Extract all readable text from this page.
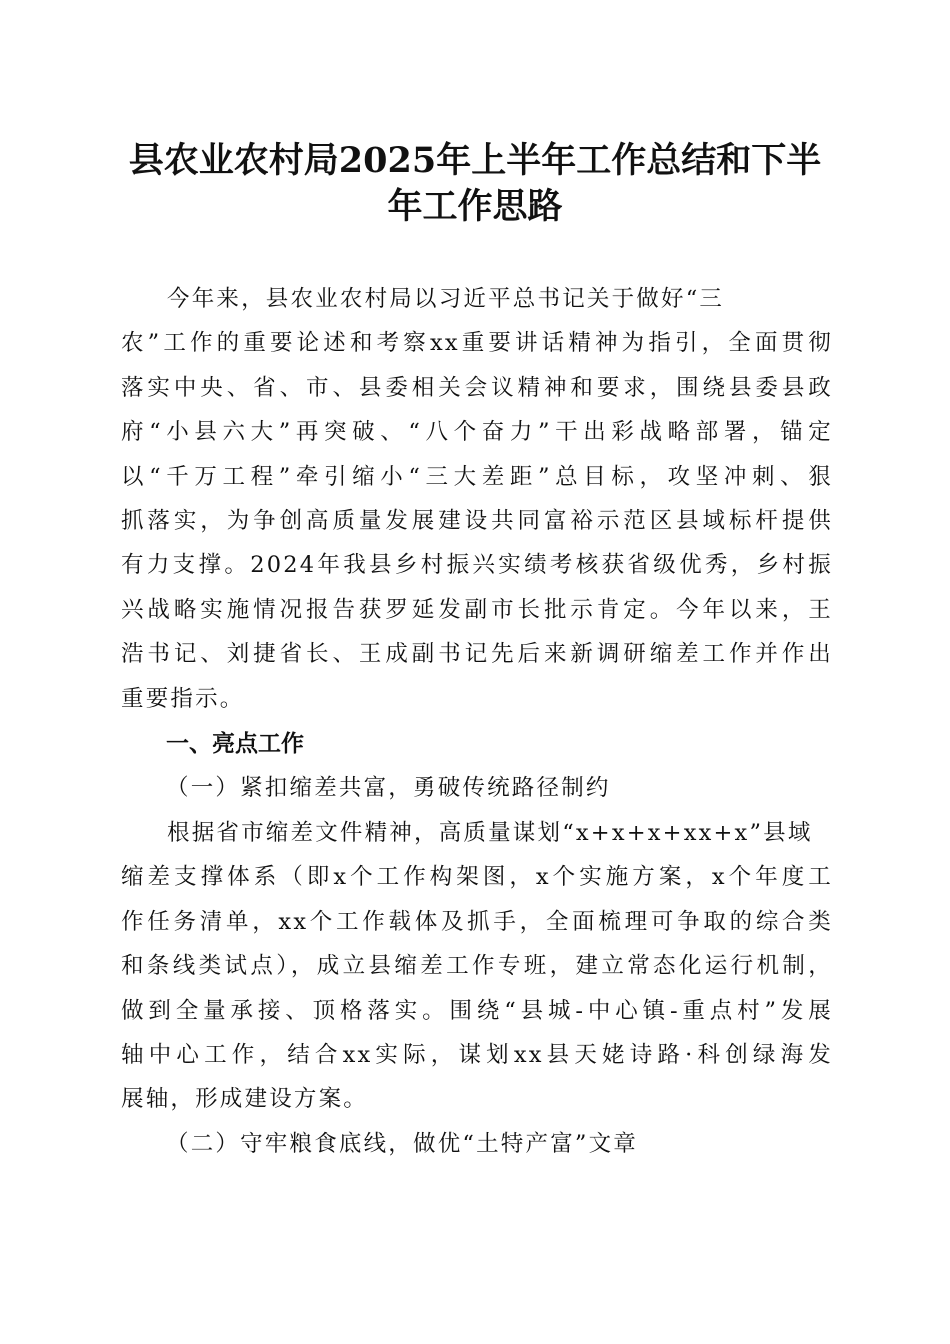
县农业农村局2025年上半年工作总结和下半
年工作思路
今年来，县农业农村局以习近平总书记关于做好“三
农”工作的重要论述和考察xx重要讲话精神为指引，全面贯彻
落实中央、省、市、县委相关会议精神和要求，围绕县委县政
府“小县六大”再突破、“八个奋力”干出彩战略部署，锚定
以“千万工程”牵引缩小“三大差距”总目标，攻坚冲刺、狠
抓落实，为争创高质量发展建设共同富裕示范区县域标杆提供
有力支撑。2024年我县乡村振兴实绩考核获省级优秀，乡村振
兴战略实施情况报告获罗延发副市长批示肯定。今年以来，王
浩书记、刘捷省长、王成副书记先后来新调研缩差工作并作出
重要指示。
一、亮点工作
（一）紧扣缩差共富，勇破传统路径制约
根据省市缩差文件精神，高质量谋划“x+x+x+xx+x”县域
缩差支撑体系（即x个工作构架图，x个实施方案，x个年度工
作任务清单，xx个工作载体及抓手，全面梳理可争取的综合类
和条线类试点），成立县缩差工作专班，建立常态化运行机制，
做到全量承接、顶格落实。围绕“县城-中心镇-重点村”发展
轴中心工作，结合xx实际，谋划xx县天姥诗路·科创绿海发
展轴，形成建设方案。
（二）守牢粮食底线，做优“土特产富”文章
